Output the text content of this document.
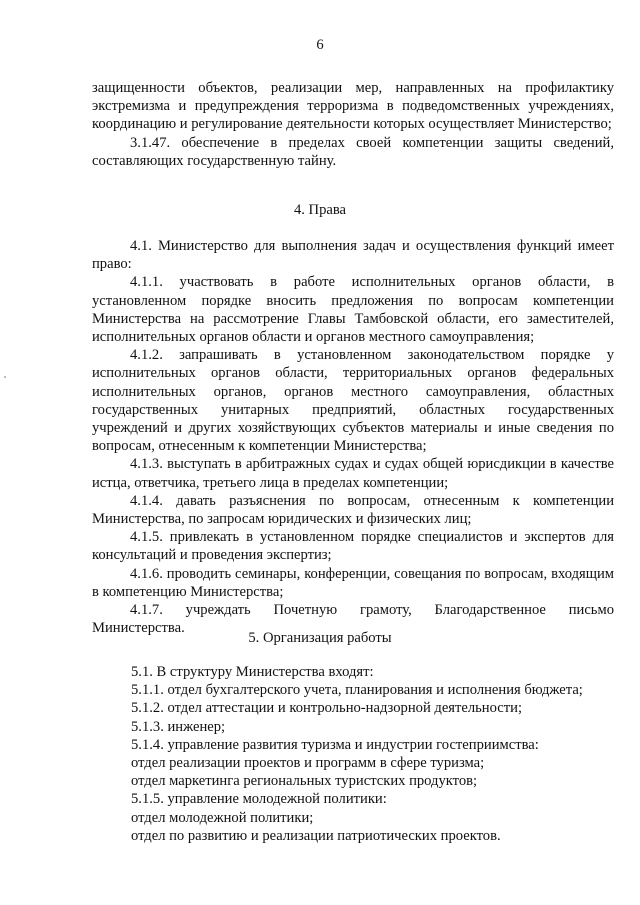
6

защищенности объектов, реализации мер, направленных на профилактику экстремизма и предупреждения терроризма в подведомственных учреждениях, координацию и регулирование деятельности которых осуществляет Министерство;

3.1.47. обеспечение в пределах своей компетенции защиты сведений, составляющих государственную тайну.

4. Права

4.1. Министерство для выполнения задач и осуществления функций имеет право:

4.1.1. участвовать в работе исполнительных органов области, в установленном порядке вносить предложения по вопросам компетенции Министерства на рассмотрение Главы Тамбовской области, его заместителей, исполнительных органов области и органов местного самоуправления;

4.1.2. запрашивать в установленном законодательством порядке у исполнительных органов области, территориальных органов федеральных исполнительных органов, органов местного самоуправления, областных государственных унитарных предприятий, областных государственных учреждений и других хозяйствующих субъектов материалы и иные сведения по вопросам, отнесенным к компетенции Министерства;

4.1.3. выступать в арбитражных судах и судах общей юрисдикции в качестве истца, ответчика, третьего лица в пределах компетенции;

4.1.4. давать разъяснения по вопросам, отнесенным к компетенции Министерства, по запросам юридических и физических лиц;

4.1.5. привлекать в установленном порядке специалистов и экспертов для консультаций и проведения экспертиз;

4.1.6. проводить семинары, конференции, совещания по вопросам, входящим в компетенцию Министерства;

4.1.7. учреждать Почетную грамоту, Благодарственное письмо Министерства.

5. Организация работы
5.1. В структуру Министерства входят:
5.1.1. отдел бухгалтерского учета, планирования и исполнения бюджета;
5.1.2. отдел аттестации и контрольно-надзорной деятельности;
5.1.3. инженер;
5.1.4. управление развития туризма и индустрии гостеприимства:
отдел реализации проектов и программ в сфере туризма;
отдел маркетинга региональных туристских продуктов;
5.1.5. управление молодежной политики:
отдел молодежной политики;
отдел по развитию и реализации патриотических проектов.
